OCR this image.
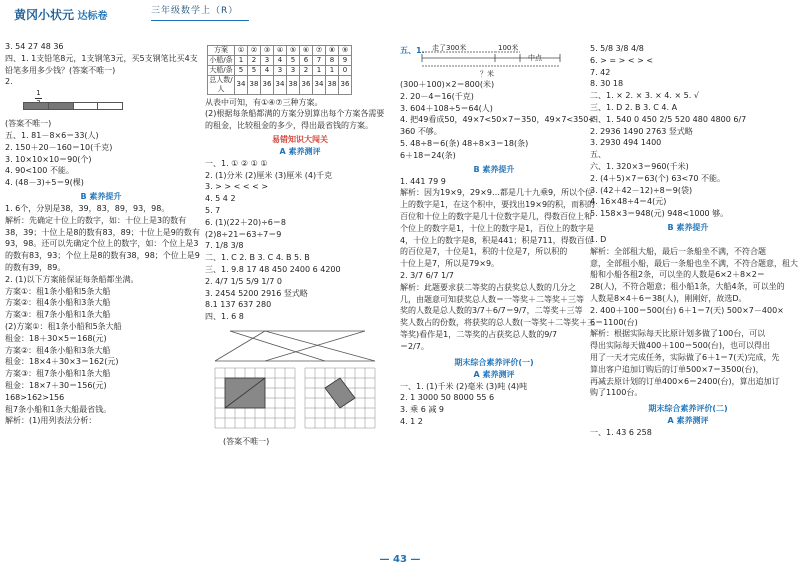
黄冈小状元 达标卷	三年级数学上（R）
3. 54 27 48 36
四、1. 1支铅笔8元，1支钢笔3元，买5支钢笔比买4支
铅笔多用多少钱？(答案不唯一)
2.
1
(答案不唯一)
五、1. 81－8×6＝33(人)
2. 150＋20－160＝10(千克)
3. 10×10×10＝90(个)
4. 90<100 不能。
4. (48－3)÷5＝9(棵)
B 素养提升
1. 6个，分别是38，39，83，89，93，98。
解析：先确定十位上的数字，如：十位上是3的数有
38，39；十位上是8的数有83，89；十位上是9的数有
93，98。还可以先确定个位上的数字，如：个位上是3
的数有83，93；个位上是8的数有38，98；个位上是9
的数有39，89。
2. (1)以下方案能保证每条船都坐满。
方案①：租1条小船和5条大船
方案②：租4条小船和3条大船
方案③：租7条小船和1条大船
(2)方案①：租1条小船和5条大船
租金：18＋30×5＝168(元)
方案②：租4条小船和3条大船
租金：18×4＋30×3＝162(元)
方案③：租7条小船和1条大船
租金：18×7＋30＝156(元)
168>162>156
租7条小船和1条大船最省钱。
解析：(1)用列表法分析：
方案	①	②	③	④	⑤	⑥	⑦	⑧	⑨
小船/条	1	2	3	4	5	6	7	8	9
大船/条	5	5	4	3	3	2	1	1	0
总人数/人	34	38	36	34	38	36	34	38	36
从表中可知，有①④⑦三种方案。
(2)根据每条船都满的方案分别算出每个方案各需要
的租金，比较租金的多少，得出最省钱的方案。
易错知识大闯关
A 素养测评
一、1. ① ② ① ①
2. (1)分米 (2)厘米 (3)厘米 (4)千克
3. > > < < < >
4. 5 4 2
5. 7
6. (1)(22＋20)÷6＝8
(2)8÷21＝63÷7＝9
7. 1/8 3/8
二、1. C 2. B 3. C 4. B 5. B
三、1. 9.8 17 48 450 2400 6 4200
2. 4/7 1/5 5/9 1/7 0
3. 2454 5200 2916 竖式略
8.1 137 637 280
四、1. 6 8
(答案不唯一)
五、1. 走了300米	100米
中点
？米
(300＋100)×2＝800(米)
2. 20－4＝16(千克)
3. 604＋108÷5＝64(人)
4. 把49看成50，49×7<50×7＝350，49×7<350<
360 不够。
5. 48÷8＝6(条) 48÷8×3＝18(条)
6＋18＝24(条)
B 素养提升
1. 441 79 9
解析：因为19×9，29×9…都是几十九乘9，所以个位
上的数字是1，在这个积中，要找出19×9的积，而积的
百位和十位上的数字是几十位数字是几，得数百位上和
个位上的数字是1，十位上的数字是1，百位上的数字是
4，十位上的数字是8，积是441；积是711，得数百位
的百位是7，十位是1，积的十位是7，所以积的
十位上是7，所以是79×9。
2. 3/7 6/7 1/7
解析：此题要求获二等奖的占获奖总人数的几分之
几，由题意可知获奖总人数＝一等奖＋二等奖＋三等
奖的人数是总人数的3/7＋6/7＝9/7，二等奖＋三等
奖人数占的份数，将获奖的总人数(一等奖＋二等奖＋三
等奖)看作是1，二等奖的占获奖总人数的9/7
＝2/7。
期末综合素养评价(一)
A 素养测评
一、1. (1)千米 (2)毫米 (3)吨 (4)吨
2. 1 3000 50 8000 55 6
3. 乘 6 减 9
4. 1 2
5. 5/8 3/8 4/8
6. > = > < > <
7. 42
8. 30 18
二、1. × 2. × 3. × 4. × 5. √
三、1. D 2. B 3. C 4. A
四、1. 540 0 450 2/5 520 480 4800 6/7
2. 2936 1490 2763 竖式略
3. 2930 494 1400
五、
六、1. 320×3＝960(千米)
2. (4＋5)×7＝63(个) 63<70 不能。
3. (42＋42－12)÷8＝9(袋)
4. 16×48÷4＝4(元)
5. 158×3＝948(元) 948<1000 够。
B 素养提升
1. D
解析：全部租大船，最后一条船坐不满，不符合题
意，全部租小船，最后一条船也坐不满，不符合题意，租大
船和小船各租2条，可以坐的人数是6×2＋8×2＝
28(人)，不符合题意；租小船1条，大船4条，可以坐的
人数是8×4＋6＝38(人)，刚刚好，故选D。
2. 400＋100＝500(台) 6＋1＝7(天) 500×7－400×
6＝1100(台)
解析：根据实际每天比原计划多做了100台，可以
得出实际每天做400＋100＝500(台)，也可以得出
用了一天才完成任务，实际做了6＋1＝7(天)完成，先
算出客户追加订购后的订单500×7＝3500(台)，
再减去原计划的订单400×6＝2400(台)，算出追加订
购了1100台。
期末综合素养评价(二)
A 素养测评
一、1. 43 6 258
— 43 —
